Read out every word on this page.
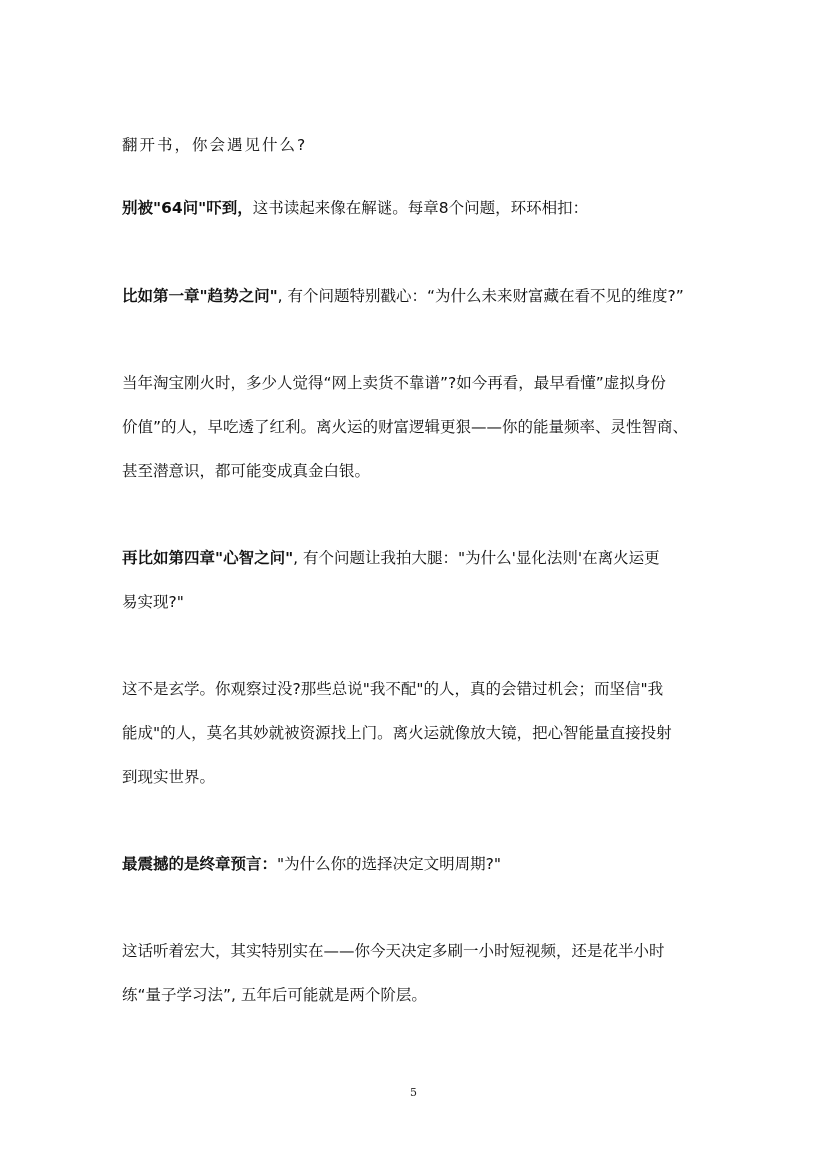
翻开书，你会遇见什么?
别被"64问"吓到，这书读起来像在解谜。每章8个问题，环环相扣：
比如第一章"趋势之问", 有个问题特别戳心：“为什么未来财富藏在看不见的维度?”
当年淘宝刚火时，多少人觉得“网上卖货不靠谱”?如今再看，最早看懂”虚拟身份
价值”的人，早吃透了红利。离火运的财富逻辑更狠——你的能量频率、灵性智商、
甚至潜意识，都可能变成真金白银。
再比如第四章"心智之问", 有个问题让我拍大腿："为什么'显化法则'在离火运更
易实现?"
这不是玄学。你观察过没?那些总说"我不配"的人，真的会错过机会；而坚信"我
能成"的人，莫名其妙就被资源找上门。离火运就像放大镜，把心智能量直接投射
到现实世界。
最震撼的是终章预言："为什么你的选择决定文明周期?"
这话听着宏大，其实特别实在——你今天决定多刷一小时短视频，还是花半小时
练“量子学习法”, 五年后可能就是两个阶层。
5
